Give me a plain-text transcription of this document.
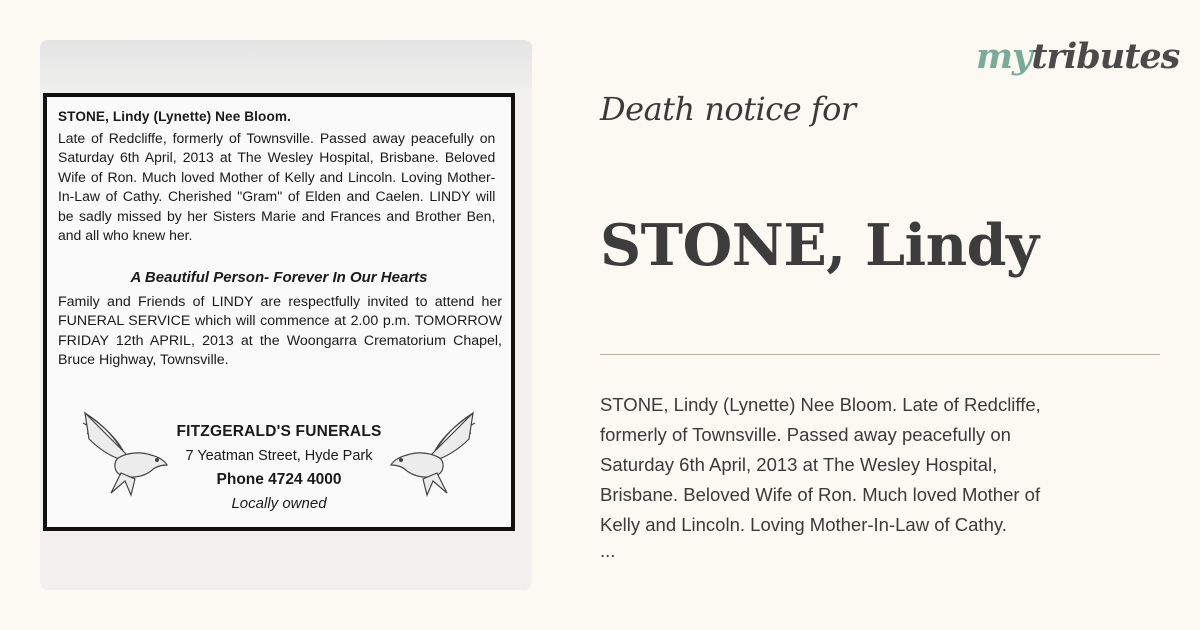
STONE, Lindy (Lynette) Nee Bloom.
Late of Redcliffe, formerly of Townsville. Passed away peacefully on Saturday 6th April, 2013 at The Wesley Hospital, Brisbane. Beloved Wife of Ron. Much loved Mother of Kelly and Lincoln. Loving Mother-In-Law of Cathy. Cherished "Gram" of Elden and Caelen. LINDY will be sadly missed by her Sisters Marie and Frances and Brother Ben, and all who knew her.
A Beautiful Person- Forever In Our Hearts
Family and Friends of LINDY are respectfully invited to attend her FUNERAL SERVICE which will commence at 2.00 p.m. TOMORROW FRIDAY 12th APRIL, 2013 at the Woongarra Crematorium Chapel, Bruce Highway, Townsville.
FITZGERALD'S FUNERALS
7 Yeatman Street, Hyde Park
Phone 4724 4000
Locally owned
mytributes
Death notice for
STONE, Lindy
STONE, Lindy (Lynette) Nee Bloom. Late of Redcliffe,
formerly of Townsville. Passed away peacefully on
Saturday 6th April, 2013 at The Wesley Hospital,
Brisbane. Beloved Wife of Ron. Much loved Mother of
Kelly and Lincoln. Loving Mother-In-Law of Cathy.
...
